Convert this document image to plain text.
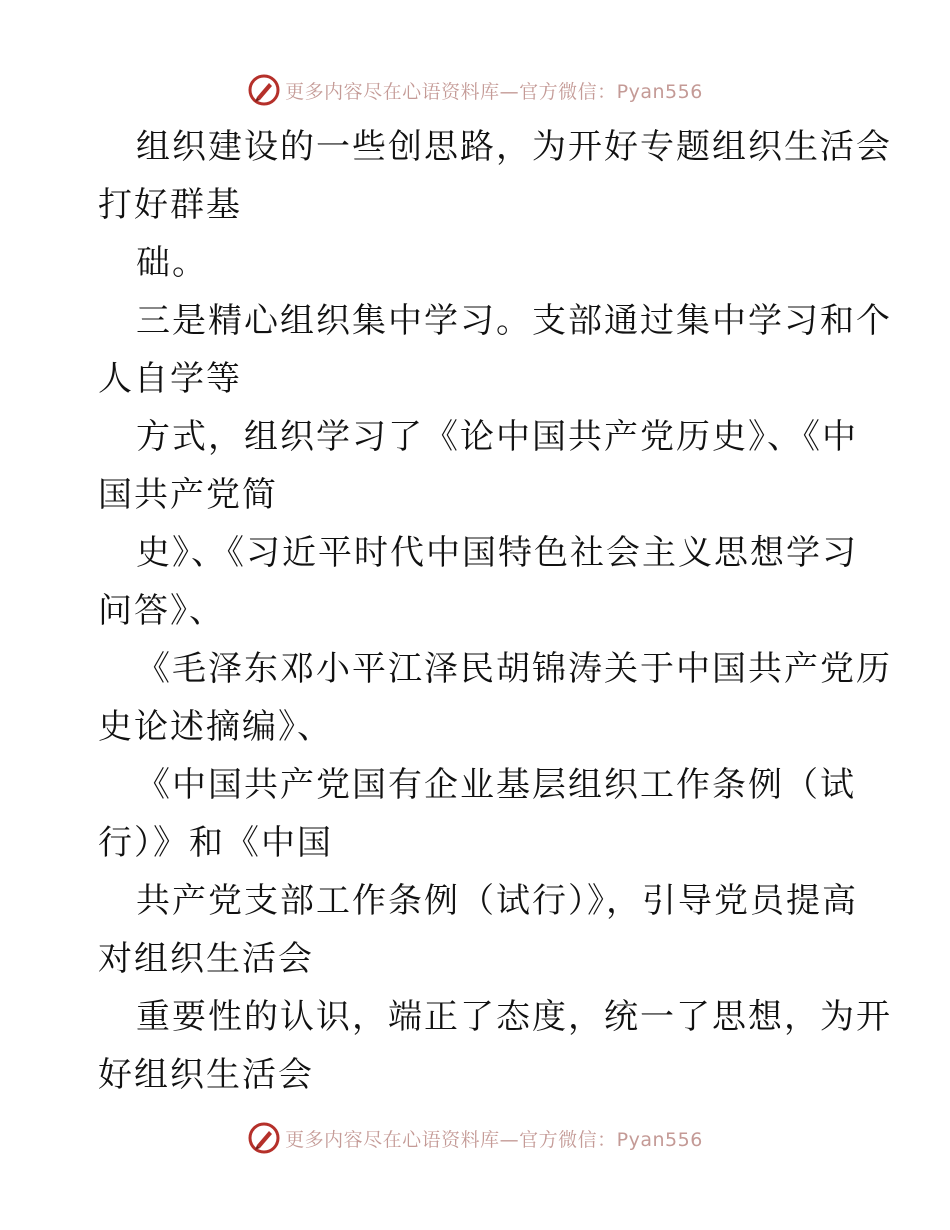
更多内容尽在心语资料库—官方微信：Pyan556
组织建设的一些创思路，为开好专题组织生活会
打好群基
础。
三是精心组织集中学习。支部通过集中学习和个
人自学等
方式，组织学习了《论中国共产党历史》、《中
国共产党简
史》、《习近平时代中国特色社会主义思想学习
问答》、
《毛泽东邓小平江泽民胡锦涛关于中国共产党历
史论述摘编》、
《中国共产党国有企业基层组织工作条例（试
行）》和《中国
共产党支部工作条例（试行）》，引导党员提高
对组织生活会
重要性的认识，端正了态度，统一了思想，为开
好组织生活会
更多内容尽在心语资料库—官方微信：Pyan556
